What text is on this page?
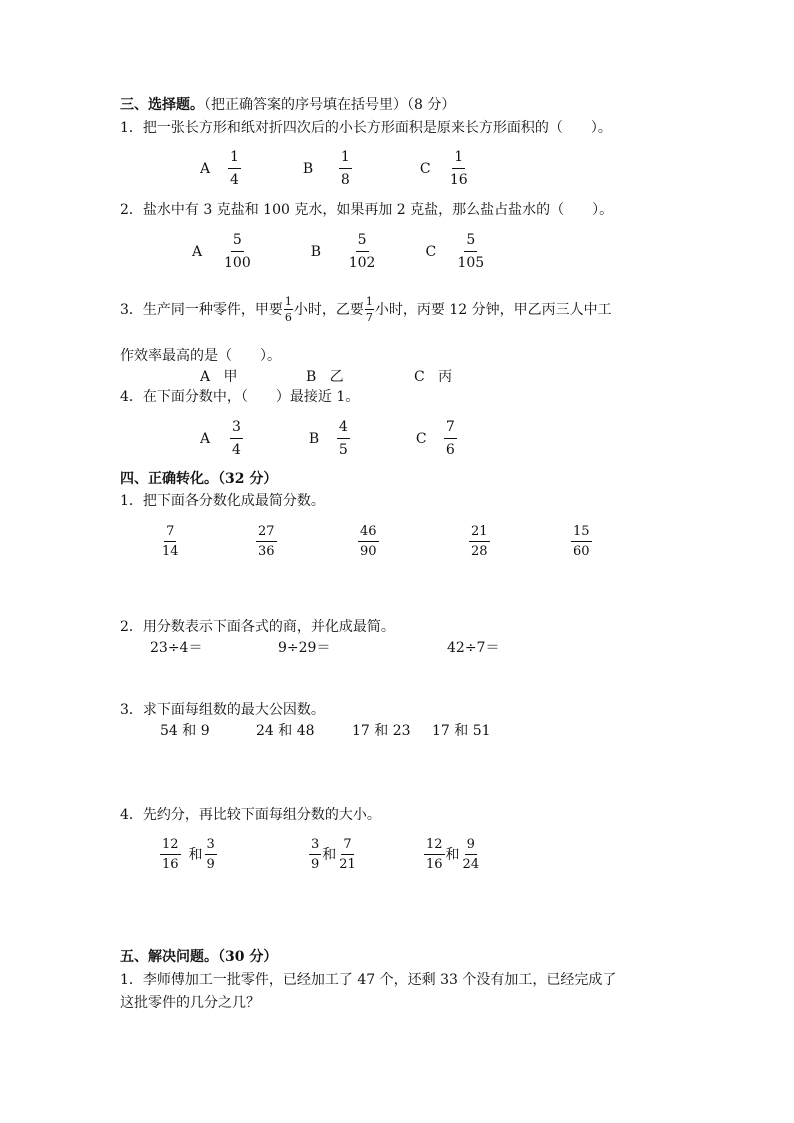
三、选择题。（把正确答案的序号填在括号里）（8 分）
1．把一张长方形和纸对折四次后的小长方形面积是原来长方形面积的（　　）。
A	$\frac{1}{4}$	B	$\frac{1}{8}$	C	$\frac{1}{16}$
2．盐水中有 3 克盐和 100 克水，如果再加 2 克盐，那么盐占盐水的（　　）。
A	$\frac{5}{100}$	B	$\frac{5}{102}$	C	$\frac{5}{105}$
3．生产同一种零件，甲要 $\frac{1}{6}$ 小时，乙要 $\frac{1}{7}$ 小时，丙要 12 分钟，甲乙丙三人中工
作效率最高的是（　　）。
A 甲	B 乙	C 丙
4．在下面分数中，（　　）最接近 1。
A	$\frac{3}{4}$	B	$\frac{4}{5}$	C	$\frac{7}{6}$
四、正确转化。（32 分）
1．把下面各分数化成最简分数。
$\frac{7}{14}$	$\frac{27}{36}$	$\frac{46}{90}$	$\frac{21}{28}$	$\frac{15}{60}$
2．用分数表示下面各式的商，并化成最简。
23÷4＝	9÷29＝	42÷7＝
3．求下面每组数的最大公因数。
54 和 9	24 和 48	17 和 23 17 和 51
4．先约分，再比较下面每组分数的大小。
$\frac{12}{16}$ 和 $\frac{3}{9}$	$\frac{3}{9}$ 和 $\frac{7}{21}$	$\frac{12}{16}$ 和 $\frac{9}{24}$
五、解决问题。（30 分）
1．李师傅加工一批零件，已经加工了 47 个，还剩 33 个没有加工，已经完成了
这批零件的几分之几？
